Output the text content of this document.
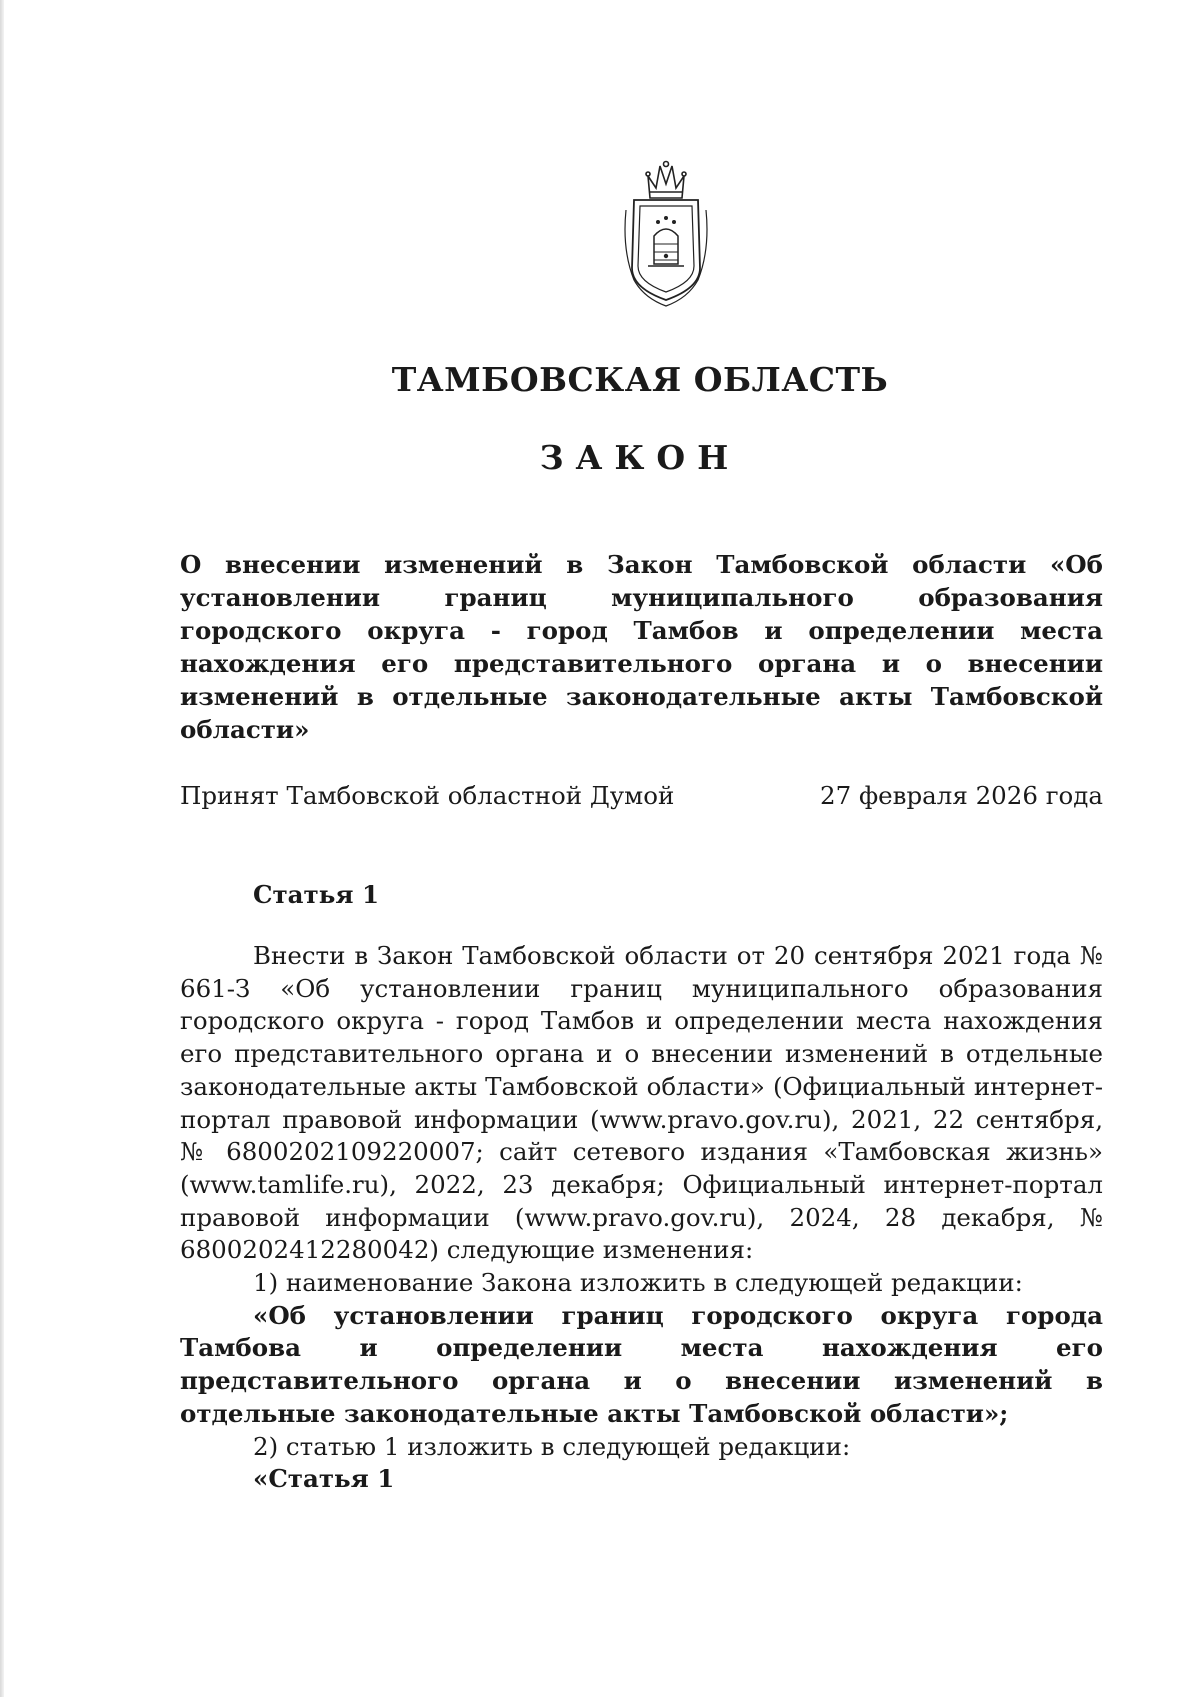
ТАМБОВСКАЯ ОБЛАСТЬ
ЗАКОН
О внесении изменений в Закон Тамбовской области «Об установлении границ муниципального образования городского округа - город Тамбов и определении места нахождения его представительного органа и о внесении изменений в отдельные законодательные акты Тамбовской области»
Принят Тамбовской областной Думой	27 февраля 2026 года
Статья 1

Внести в Закон Тамбовской области от 20 сентября 2021 года № 661-З «Об установлении границ муниципального образования городского округа - город Тамбов и определении места нахождения его представительного органа и о внесении изменений в отдельные законодательные акты Тамбовской области» (Официальный интернет-портал правовой информации (www.pravo.gov.ru), 2021, 22 сентября, № 6800202109220007; сайт сетевого издания «Тамбовская жизнь» (www.tamlife.ru), 2022, 23 декабря; Официальный интернет-портал правовой информации (www.pravo.gov.ru), 2024, 28 декабря, № 6800202412280042) следующие изменения:

1) наименование Закона изложить в следующей редакции:

«Об установлении границ городского округа города Тамбова и определении места нахождения его представительного органа и о внесении изменений в отдельные законодательные акты Тамбовской области»;

2) статью 1 изложить в следующей редакции:

«Статья 1
